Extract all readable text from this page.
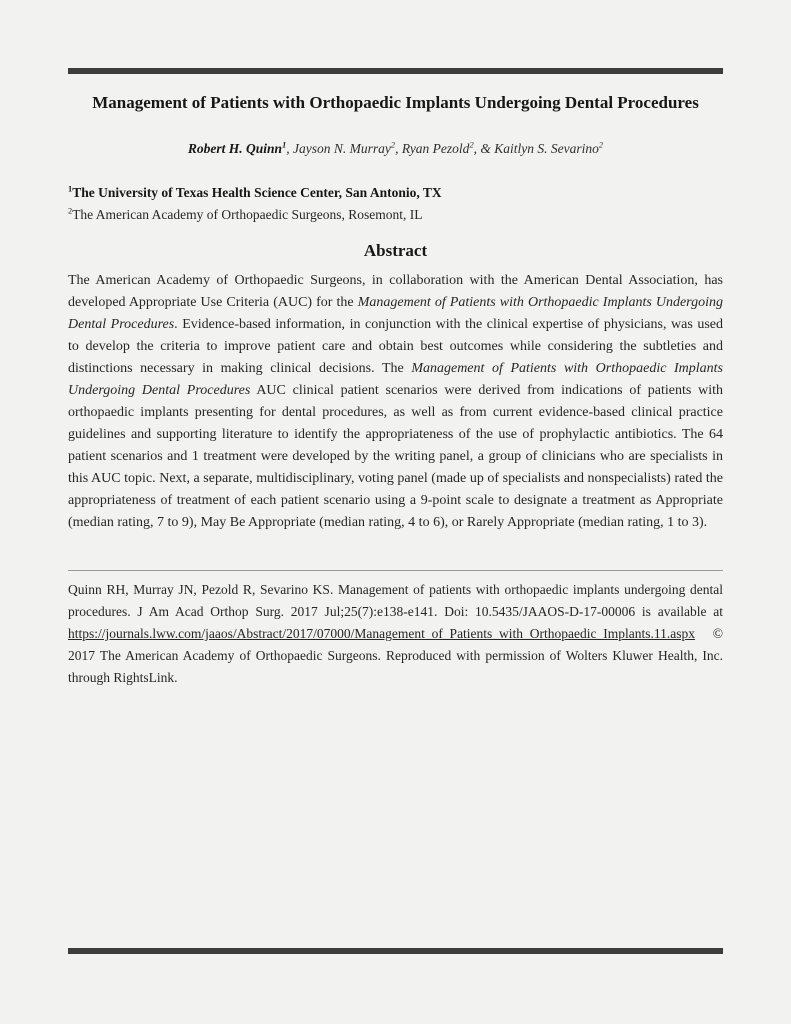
Management of Patients with Orthopaedic Implants Undergoing Dental Procedures

Robert H. Quinn$^1$, Jayson N. Murray$^2$, Ryan Pezold$^2$, & Kaitlyn S. Sevarino$^2$

$^1$The University of Texas Health Science Center, San Antonio, TX
$^2$The American Academy of Orthopaedic Surgeons, Rosemont, IL
Abstract

The American Academy of Orthopaedic Surgeons, in collaboration with the American Dental Association, has developed Appropriate Use Criteria (AUC) for the Management of Patients with Orthopaedic Implants Undergoing Dental Procedures. Evidence-based information, in conjunction with the clinical expertise of physicians, was used to develop the criteria to improve patient care and obtain best outcomes while considering the subtleties and distinctions necessary in making clinical decisions. The Management of Patients with Orthopaedic Implants Undergoing Dental Procedures AUC clinical patient scenarios were derived from indications of patients with orthopaedic implants presenting for dental procedures, as well as from current evidence-based clinical practice guidelines and supporting literature to identify the appropriateness of the use of prophylactic antibiotics. The 64 patient scenarios and 1 treatment were developed by the writing panel, a group of clinicians who are specialists in this AUC topic. Next, a separate, multidisciplinary, voting panel (made up of specialists and nonspecialists) rated the appropriateness of treatment of each patient scenario using a 9-point scale to designate a treatment as Appropriate (median rating, 7 to 9), May Be Appropriate (median rating, 4 to 6), or Rarely Appropriate (median rating, 1 to 3).

Quinn RH, Murray JN, Pezold R, Sevarino KS. Management of patients with orthopaedic implants undergoing dental procedures. J Am Acad Orthop Surg. 2017 Jul;25(7):e138-e141. Doi: 10.5435/JAAOS-D-17-00006 is available at https://journals.lww.com/jaaos/Abstract/2017/07000/Management_of_Patients_with_Orthopaedic_Implants.11.aspx © 2017 The American Academy of Orthopaedic Surgeons. Reproduced with permission of Wolters Kluwer Health, Inc. through RightsLink.
